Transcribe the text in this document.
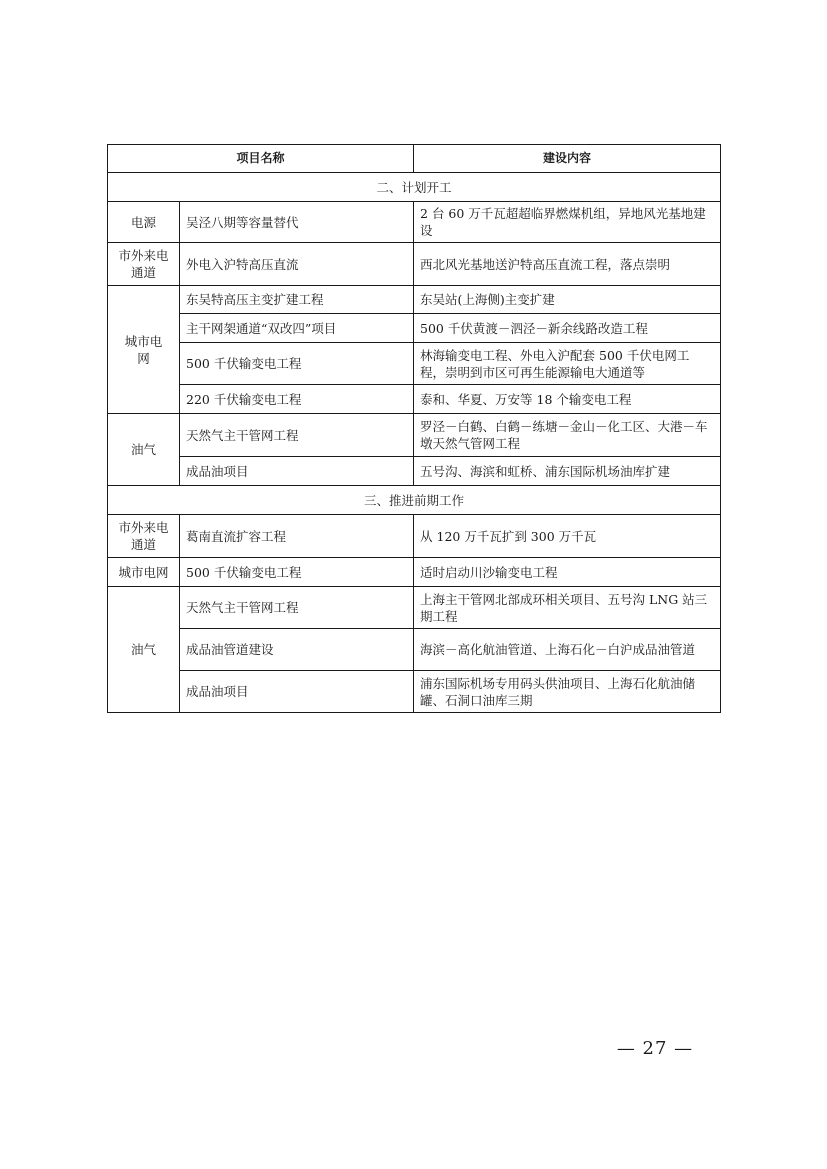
项目名称		建设内容
二、计划开工		
电源	吴泾八期等容量替代	2 台 60 万千瓦超超临界燃煤机组，异地风光基地建设
市外来电通道	外电入沪特高压直流	西北风光基地送沪特高压直流工程，落点崇明
城市电网	东吴特高压主变扩建工程	东吴站(上海侧)主变扩建
	主干网架通道“双改四”项目	500 千伏黄渡－泗泾－新余线路改造工程
	500 千伏输变电工程	林海输变电工程、外电入沪配套 500 千伏电网工程，崇明到市区可再生能源输电大通道等
	220 千伏输变电工程	泰和、华夏、万安等 18 个输变电工程
油气	天然气主干管网工程	罗泾－白鹤、白鹤－练塘－金山－化工区、大港－车墩天然气管网工程
	成品油项目	五号沟、海滨和虹桥、浦东国际机场油库扩建
三、推进前期工作		
市外来电通道	葛南直流扩容工程	从 120 万千瓦扩到 300 万千瓦
城市电网	500 千伏输变电工程	适时启动川沙输变电工程
油气	天然气主干管网工程	上海主干管网北部成环相关项目、五号沟 LNG 站三期工程
	成品油管道建设	海滨－高化航油管道、上海石化－白沪成品油管道
	成品油项目	浦东国际机场专用码头供油项目、上海石化航油储罐、石洞口油库三期
— 27 —
